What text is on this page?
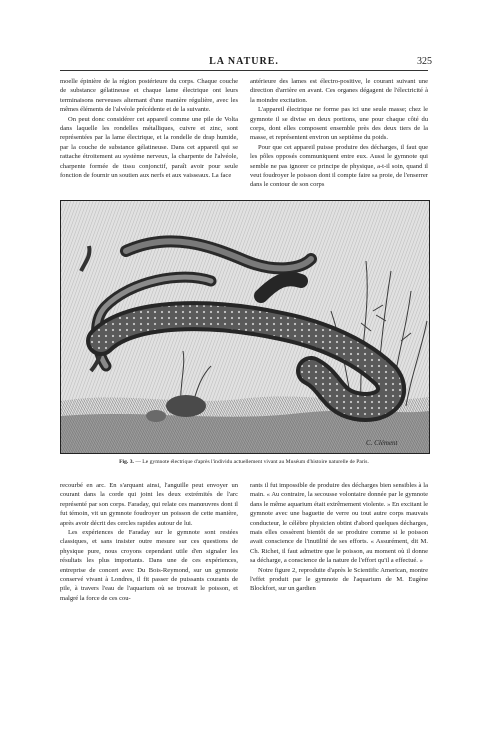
LA NATURE.	325

moelle épinière de la région postérieure du corps. Chaque couche de substance gélatineuse et chaque lame électrique ont leurs terminaisons nerveuses alternant d'une manière régulière, avec les mêmes éléments de l'alvéole précédente et de la suivante.

On peut donc considérer cet appareil comme une pile de Volta dans laquelle les rondelles métalliques, cuivre et zinc, sont représentées par la lame électrique, et la rondelle de drap humide, par la couche de substance gélatineuse. Dans cet appareil qui se rattache étroitement au système nerveux, la charpente de l'alvéole, charpente formée de tissu conjonctif, paraît avoir pour seule fonction de fournir un soutien aux nerfs et aux vaisseaux. La face

antérieure des lames est électro-positive, le courant suivant une direction d'arrière en avant. Ces organes dégagent de l'électricité à la moindre excitation.

L'appareil électrique ne forme pas ici une seule masse; chez le gymnote il se divise en deux portions, une pour chaque côté du corps, dont elles composent ensemble près des deux tiers de la masse, et représentent environ un septième du poids.

Pour que cet appareil puisse produire des décharges, il faut que les pôles opposés communiquent entre eux. Aussi le gymnote qui semble ne pas ignorer ce principe de physique, a-t-il soin, quand il veut foudroyer le poisson dont il compte faire sa proie, de l'enserrer dans le contour de son corps

C. Clément
Fig. 3. — Le gymnote électrique d'après l'individu actuellement vivant au Muséum d'histoire naturelle de Paris.

recourbé en arc. En s'arquant ainsi, l'anguille peut envoyer un courant dans la corde qui joint les deux extrémités de l'arc représenté par son corps. Faraday, qui relate ces manœuvres dont il fut témoin, vit un gymnote foudroyer un poisson de cette manière, après avoir décrit des cercles rapides autour de lui.

Les expériences de Faraday sur le gymnote sont restées classiques, et sans insister outre mesure sur ces questions de physique pure, nous croyons cependant utile d'en signaler les résultats les plus importants. Dans une de ces expériences, entreprise de concert avec Du Bois-Reymond, sur un gymnote conservé vivant à Londres, il fit passer de puissants courants de pile, à travers l'eau de l'aquarium où se trouvait le poisson, et malgré la force de ces cou-

rants il fut impossible de produire des décharges bien sensibles à la main. « Au contraire, la secousse volontaire donnée par le gymnote dans le même aquarium était extrêmement violente. » En excitant le gymnote avec une baguette de verre ou tout autre corps mauvais conducteur, le célèbre physicien obtint d'abord quelques décharges, mais elles cessèrent bientôt de se produire comme si le poisson avait conscience de l'inutilité de ses efforts. « Assurément, dit M. Ch. Richet, il faut admettre que le poisson, au moment où il donne sa décharge, a conscience de la nature de l'effort qu'il a effectué. »

Notre figure 2, reproduite d'après le Scientific American, montre l'effet produit par le gymnote de l'aquarium de M. Eugène Blockfort, sur un gardien
